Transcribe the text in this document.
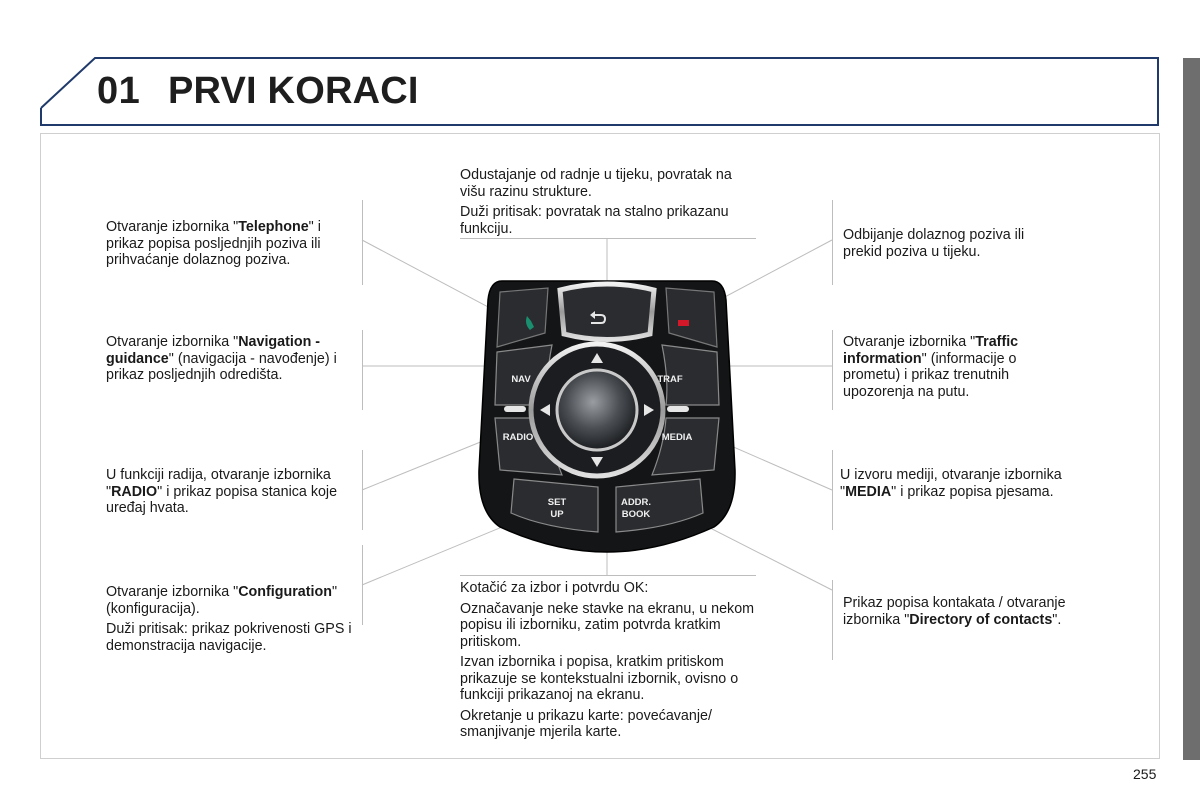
01 PRVI KORACI
NAV	TRAF
RADIO	MEDIA
SET
UP
ADDR.
BOOK

Odustajanje od radnje u tijeku, povratak na višu razinu strukture.

Duži pritisak: povratak na stalno prikazanu funkciju.

Otvaranje izbornika "Telephone" i prikaz popisa posljednjih poziva ili prihvaćanje dolaznog poziva.
Odbijanje dolaznog poziva ili prekid poziva u tijeku.
Otvaranje izbornika "Navigation - guidance" (navigacija - navođenje) i prikaz posljednjih odredišta.
Otvaranje izbornika "Traffic information" (informacije o prometu) i prikaz trenutnih upozorenja na putu.
U funkciji radija, otvaranje izbornika "RADIO" i prikaz popisa stanica koje uređaj hvata.
U izvoru mediji, otvaranje izbornika "MEDIA" i prikaz popisa pjesama.

Otvaranje izbornika "Configuration" (konfiguracija).

Duži pritisak: prikaz pokrivenosti GPS i demonstracija navigacije.

Kotačić za izbor i potvrdu OK:

Označavanje neke stavke na ekranu, u nekom popisu ili izborniku, zatim potvrda kratkim pritiskom.

Izvan izbornika i popisa, kratkim pritiskom prikazuje se kontekstualni izbornik, ovisno o funkciji prikazanoj na ekranu.

Okretanje u prikazu karte: povećavanje/ smanjivanje mjerila karte.

Prikaz popisa kontakata / otvaranje izbornika "Directory of contacts".
255
